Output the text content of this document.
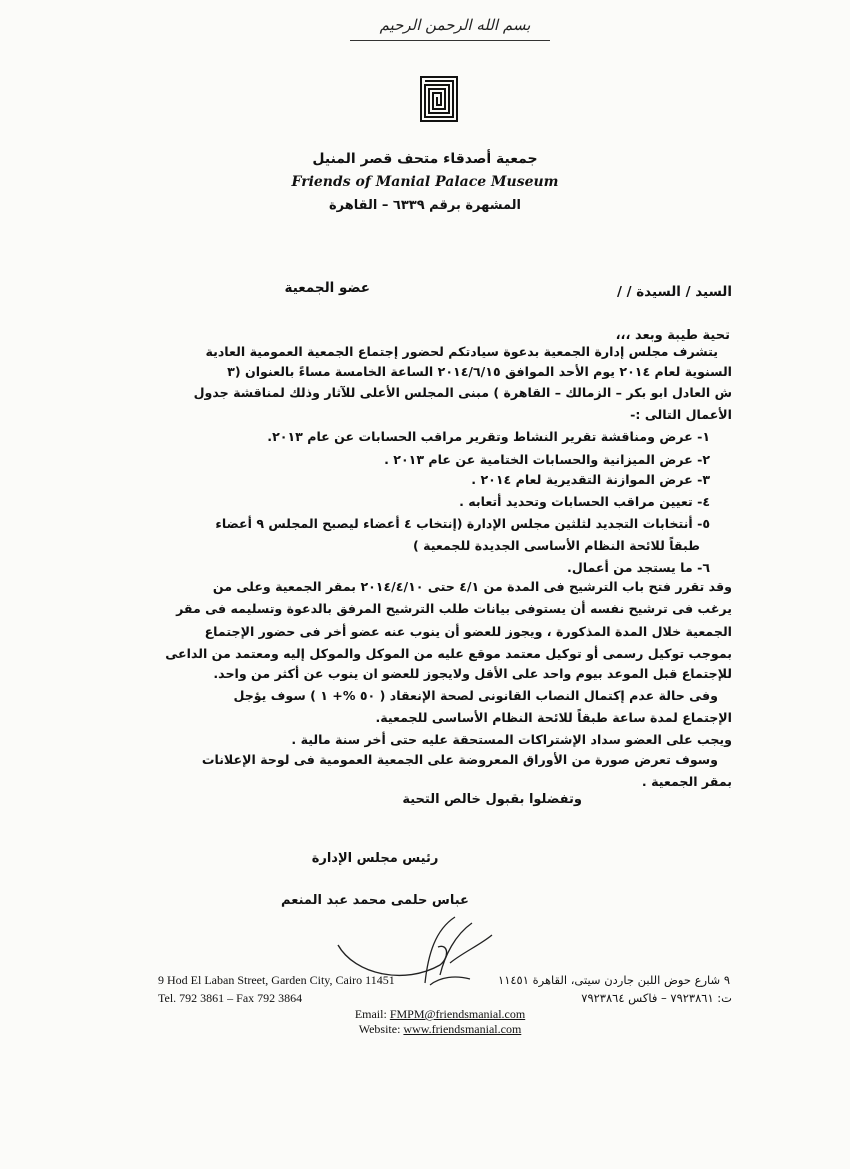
بسم الله الرحمن الرحيم
جمعية أصدقاء متحف قصر المنيل
Friends of Manial Palace Museum
المشهرة برقم ٦٣٣٩ – القاهرة
السيد / السيدة / /
عضو الجمعية
تحية طيبة وبعد ،،،
يتشرف مجلس إدارة الجمعية بدعوة سيادتكم لحضور إجتماع الجمعية العمومية العادية
السنوية لعام ٢٠١٤ يوم الأحد الموافق ٢٠١٤/٦/١٥ الساعة الخامسة مساءً بالعنوان (٣
ش العادل ابو بكر – الزمالك – القاهرة ) مبنى المجلس الأعلى للآثار وذلك لمناقشة جدول
الأعمال التالى :-
١- عرض ومناقشة تقرير النشاط وتقرير مراقب الحسابات عن عام ٢٠١٣.
٢- عرض الميزانية والحسابات الختامية عن عام ٢٠١٣ .
٣- عرض الموازنة التقديرية لعام ٢٠١٤ .
٤- تعيين مراقب الحسابات وتحديد أتعابه .
٥- أنتخابات التجديد لثلثين مجلس الإدارة (إنتخاب ٤ أعضاء ليصبح المجلس ٩ أعضاء
طبقاً للائحة النظام الأساسى الجديدة للجمعية )
٦- ما يستجد من أعمال.
وقد تقرر فتح باب الترشيح فى المدة من ٤/١ حتى ٢٠١٤/٤/١٠ بمقر الجمعية وعلى من
يرغب فى ترشيح نفسه أن يستوفى بيانات طلب الترشيح المرفق بالدعوة وتسليمه فى مقر
الجمعية خلال المدة المذكورة ، ويجوز للعضو أن ينوب عنه عضو أخر فى حضور الإجتماع
بموجب توكيل رسمى أو توكيل معتمد موقع عليه من الموكل والموكل إليه ومعتمد من الداعى
للإجتماع قبل الموعد بيوم واحد على الأقل ولايجوز للعضو ان ينوب عن أكثر من واحد.
وفى حالة عدم إكتمال النصاب القانونى لصحة الإنعقاد ( ٥٠ %+ ١ ) سوف يؤجل
الإجتماع لمدة ساعة طبقاً للائحة النظام الأساسى للجمعية.
ويجب على العضو سداد الإشتراكات المستحقة عليه حتى أخر سنة مالية .
وسوف تعرض صورة من الأوراق المعروضة على الجمعية العمومية فى لوحة الإعلانات
بمقر الجمعية .
وتفضلوا بقبول خالص التحية
رئيس مجلس الإدارة
عباس حلمى محمد عبد المنعم
9 Hod El Laban Street, Garden City, Cairo 11451
Tel. 792 3861 – Fax 792 3864
٩ شارع حوض اللبن جاردن سيتى، القاهرة ١١٤٥١
ت: ٧٩٢٣٨٦١ – فاكس ٧٩٢٣٨٦٤
Email: FMPM@friendsmanial.com
Website: www.friendsmanial.com
